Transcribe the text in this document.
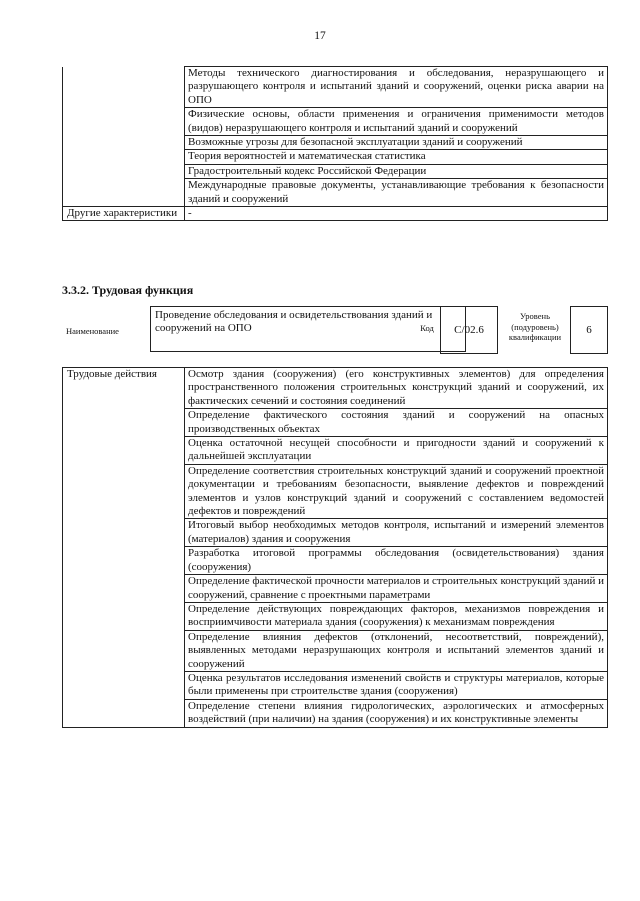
17
	Методы технического диагностирования и обследования, неразрушающего и разрушающего контроля и испытаний зданий и сооружений, оценки риска аварии на ОПО
	Физические основы, области применения и ограничения применимости методов (видов) неразрушающего контроля и испытаний зданий и сооружений
	Возможные угрозы для безопасной эксплуатации зданий и сооружений
	Теория вероятностей и математическая статистика
	Градостроительный кодекс Российской Федерации
	Международные правовые документы, устанавливающие требования к безопасности зданий и сооружений
Другие характеристики	-
3.3.2. Трудовая функция
Наименование
Проведение обследования и освидетельствования зданий и сооружений на ОПО	Код	С/02.6
Уровень (подуровень) квалификации
6
Трудовые действия	Осмотр здания (сооружения) (его конструктивных элементов) для определения пространственного положения строительных конструкций зданий и сооружений, их фактических сечений и состояния соединений
Определение фактического состояния зданий и сооружений на опасных производственных объектах
Оценка остаточной несущей способности и пригодности зданий и сооружений к дальнейшей эксплуатации
Определение соответствия строительных конструкций зданий и сооружений проектной документации и требованиям безопасности, выявление дефектов и повреждений элементов и узлов конструкций зданий и сооружений с составлением ведомостей дефектов и повреждений
Итоговый выбор необходимых методов контроля, испытаний и измерений элементов (материалов) здания и сооружения
Разработка итоговой программы обследования (освидетельствования) здания (сооружения)
Определение фактической прочности материалов и строительных конструкций зданий и сооружений, сравнение с проектными параметрами
Определение действующих повреждающих факторов, механизмов повреждения и восприимчивости материала здания (сооружения) к механизмам повреждения
Определение влияния дефектов (отклонений, несоответствий, повреждений), выявленных методами неразрушающих контроля и испытаний элементов зданий и сооружений
Оценка результатов исследования изменений свойств и структуры материалов, которые были применены при строительстве здания (сооружения)
Определение степени влияния гидрологических, аэрологических и атмосферных воздействий (при наличии) на здания (сооружения) и их конструктивные элементы
